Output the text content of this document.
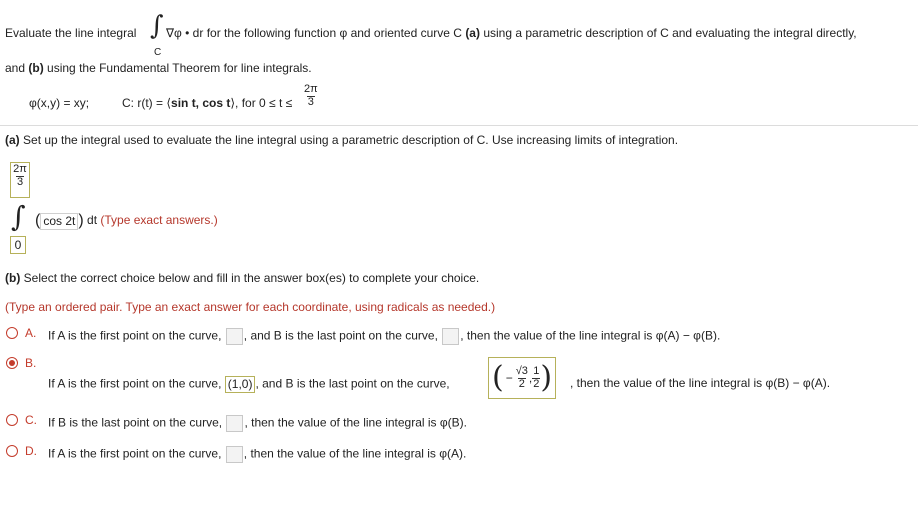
Evaluate the line integral ∫
C
∇φ • dr for the following function φ and oriented curve C (a) using a parametric description of C and evaluating the integral directly,
and (b) using the Fundamental Theorem for line integrals.
φ(x,y) = xy;	C: r(t) = ⟨sin t, cos t⟩, for $0 \le t \le \frac{2\pi}{3}$
(a) Set up the integral used to evaluate the line integral using a parametric description of C. Use increasing limits of integration.
$\frac{2\pi}{3}$
∫
0
( cos 2t ) dt (Type exact answers.)
(b) Select the correct choice below and fill in the answer box(es) to complete your choice.
(Type an ordered pair. Type an exact answer for each coordinate, using radicals as needed.)
A. If A is the first point on the curve, , and B is the last point on the curve, , then the value of the line integral is φ(A) − φ(B).
B.
If A is the first point on the curve, (1,0) , and B is the last point on the curve, ( − $\frac{√3}{2}$ , $\frac{1}{2}$ ) , then the value of the line integral is φ(B) − φ(A).
C. If B is the last point on the curve, , then the value of the line integral is φ(B).
D. If A is the first point on the curve, , then the value of the line integral is φ(A).
